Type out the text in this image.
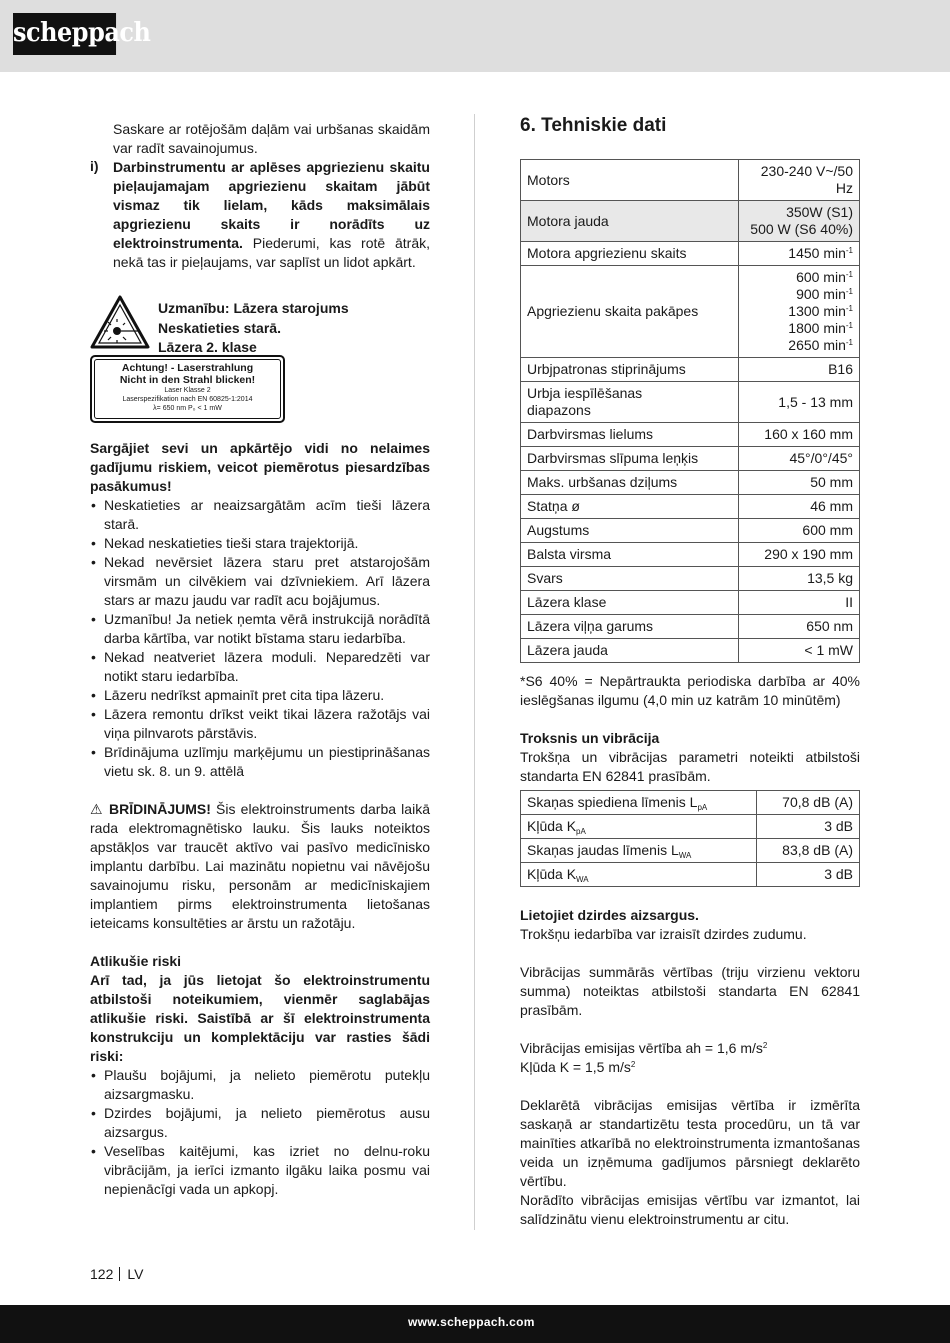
scheppach

Saskare ar rotējošām daļām vai urbšanas skaidām var radīt savainojumus.

i) Darbinstrumentu ar aplēses apgriezienu skaitu pieļaujamajam apgriezienu skaitam jābūt vismaz tik lielam, kāds maksimālais apgriezienu skaits ir norādīts uz elektroinstrumenta. Piederumi, kas rotē ātrāk, nekā tas ir pieļaujams, var saplīst un lidot apkārt.

Uzmanību: Lāzera starojums
Neskatieties starā.
Lāzera 2. klase
Achtung! - Laserstrahlung
Nicht in den Strahl blicken!
Laser Klasse 2
Laserspezifikation nach EN 60825-1:2014
λ= 650 nm P₀ < 1 mW

Sargājiet sevi un apkārtējo vidi no nelaimes gadījumu riskiem, veicot piemērotus piesardzības pasākumus!

• Neskatieties ar neaizsargātām acīm tieši lāzera starā.
• Nekad neskatieties tieši stara trajektorijā.
• Nekad nevērsiet lāzera staru pret atstarojošām virsmām un cilvēkiem vai dzīvniekiem. Arī lāzera stars ar mazu jaudu var radīt acu bojājumus.
• Uzmanību! Ja netiek ņemta vērā instrukcijā norādītā darba kārtība, var notikt bīstama staru iedarbība.
• Nekad neatveriet lāzera moduli. Neparedzēti var notikt staru iedarbība.
• Lāzeru nedrīkst apmainīt pret cita tipa lāzeru.
• Lāzera remontu drīkst veikt tikai lāzera ražotājs vai viņa pilnvarots pārstāvis.
• Brīdinājuma uzlīmju marķējumu un piestiprināšanas vietu sk. 8. un 9. attēlā

⚠ BRĪDINĀJUMS! Šis elektroinstruments darba laikā rada elektromagnētisko lauku. Šis lauks noteiktos apstākļos var traucēt aktīvo vai pasīvo medicīnisko implantu darbību. Lai mazinātu nopietnu vai nāvējošu savainojumu risku, personām ar medicīniskajiem implantiem pirms elektroinstrumenta lietošanas ieteicams konsultēties ar ārstu un ražotāju.

Atlikušie riski

Arī tad, ja jūs lietojat šo elektroinstrumentu atbilstoši noteikumiem, vienmēr saglabājas atlikušie riski. Saistībā ar šī elektroinstrumenta konstrukciju un komplektāciju var rasties šādi riski:

• Plaušu bojājumi, ja nelieto piemērotu putekļu aizsargmasku.
• Dzirdes bojājumi, ja nelieto piemērotus ausu aizsargus.
• Veselības kaitējumi, kas izriet no delnu-roku vibrācijām, ja ierīci izmanto ilgāku laika posmu vai nepienācīgi vada un apkopj.
6. Tehniskie dati
Motors	230-240 V~/50 Hz
Motora jauda	350W (S1)
500 W (S6 40%)
Motora apgriezienu skaits	1450 $\min^{-1}$
Apgriezienu skaita pakāpes	600 $\min^{-1}$
900 $\min^{-1}$
1300 $\min^{-1}$
1800 $\min^{-1}$
2650 $\min^{-1}$

Urbjpatronas stiprinājums	B16
Urbja iespīlēšanas diapazons	1,5 - 13 mm
Darbvirsmas lielums	160 x 160 mm
Darbvirsmas slīpuma leņķis	45°/0°/45°
Maks. urbšanas dziļums	50 mm
Statņa ø	46 mm
Augstums	600 mm
Balsta virsma	290 x 190 mm
Svars	13,5 kg
Lāzera klase	II
Lāzera viļņa garums	650 nm
Lāzera jauda	< 1 mW

*S6 40% = Nepārtraukta periodiska darbība ar 40% ieslēgšanas ilgumu (4,0 min uz katrām 10 minūtēm)

Troksnis un vibrācija

Trokšņa un vibrācijas parametri noteikti atbilstoši standarta EN 62841 prasībām.

Skaņas spiediena līmenis $L_{pA}$	70,8 dB (A)
Kļūda $K_{pA}$	3 dB
Skaņas jaudas līmenis $L_{WA}$	83,8 dB (A)
Kļūda $K_{WA}$	3 dB

Lietojiet dzirdes aizsargus.

Trokšņu iedarbība var izraisīt dzirdes zudumu.

Vibrācijas summārās vērtības (triju virzienu vektoru summa) noteiktas atbilstoši standarta EN 62841 prasībām.

Vibrācijas emisijas vērtība ah = 1,6 $m/s^2$

Kļūda K = 1,5 $m/s^2$

Deklarētā vibrācijas emisijas vērtība ir izmērīta saskaņā ar standartizētu testa procedūru, un tā var mainīties atkarībā no elektroinstrumenta izmantošanas veida un izņēmuma gadījumos pārsniegt deklarēto vērtību.

Norādīto vibrācijas emisijas vērtību var izmantot, lai salīdzinātu vienu elektroinstrumentu ar citu.

122 LV
www.scheppach.com
